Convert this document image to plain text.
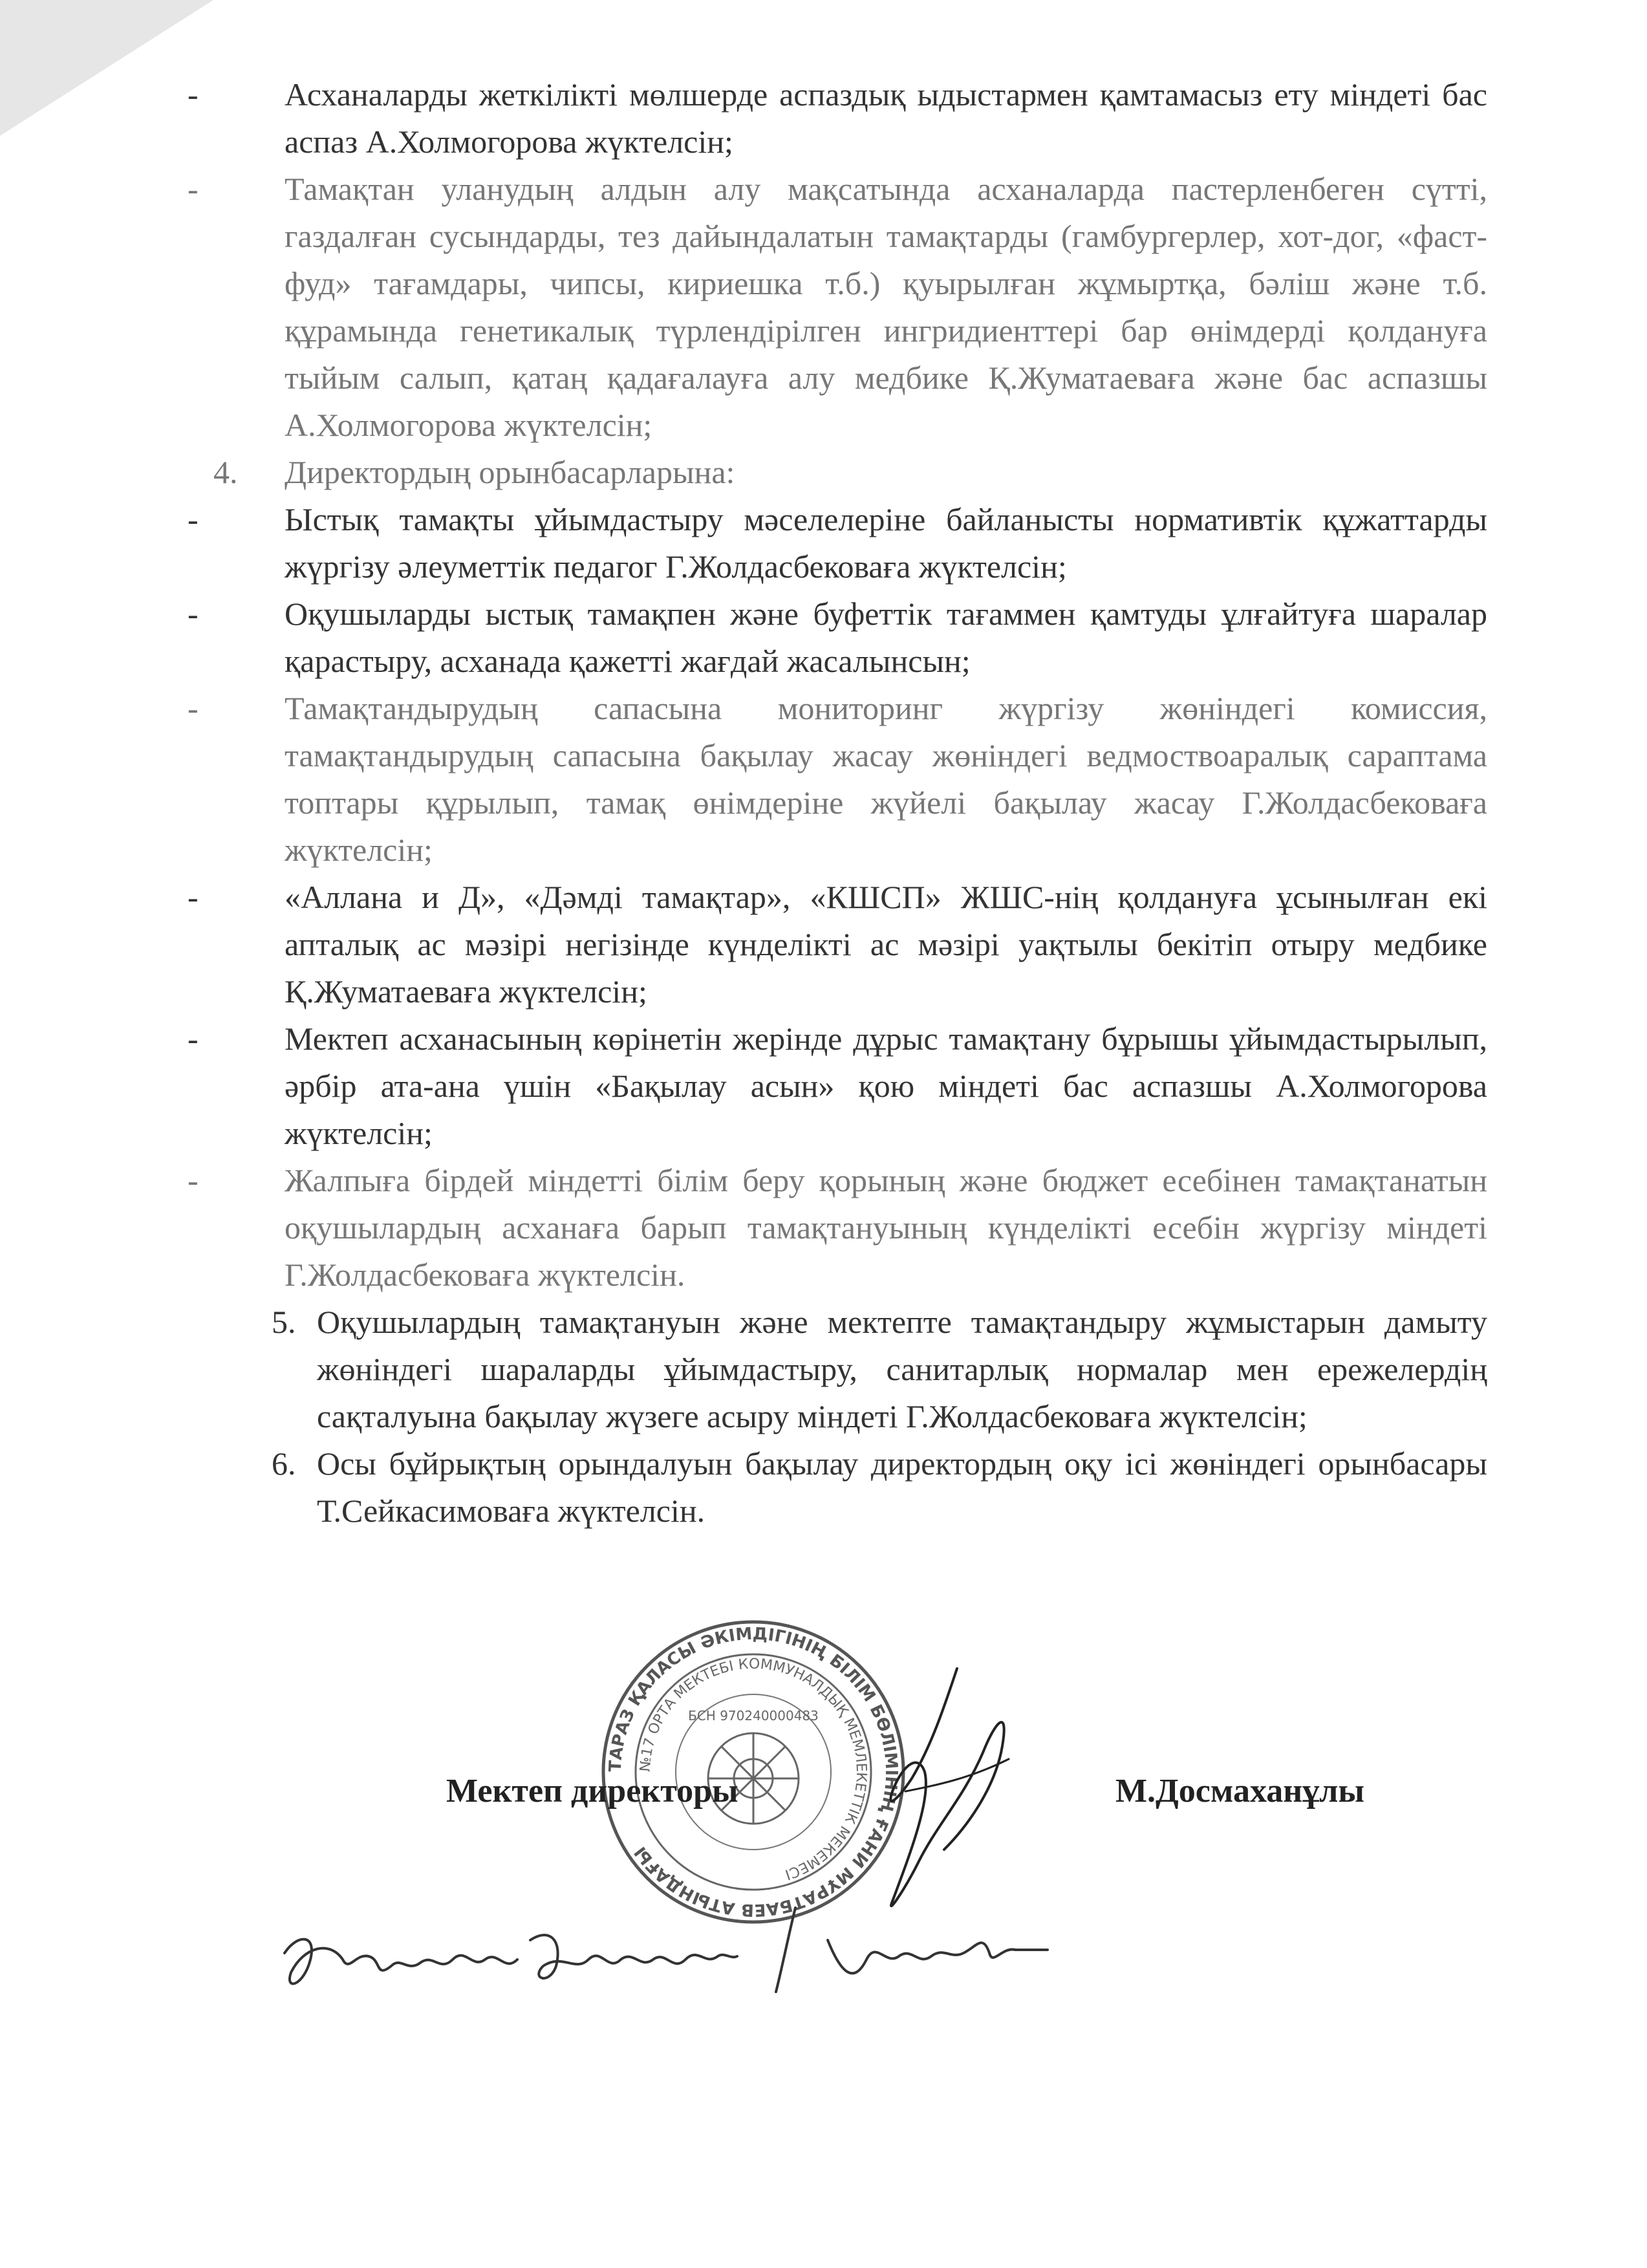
-	Асханаларды жеткілікті мөлшерде аспаздық ыдыстармен қамтамасыз ету міндеті бас аспаз А.Холмогорова жүктелсін;

-	Тамақтан уланудың алдын алу мақсатында асханаларда пастерленбеген сүтті, газдалған сусындарды, тез дайындалатын тамақтарды (гамбургерлер, хот-дог, «фаст-фуд» тағамдары, чипсы, кириешка т.б.) қуырылған жұмыртқа, бәліш және т.б. құрамында генетикалық түрлендірілген ингридиенттері бар өнімдерді қолдануға тыйым салып, қатаң қадағалауға алу медбике Қ.Жуматаеваға және бас аспазшы А.Холмогорова жүктелсін;

4. Директордың орынбасарларына:

-	Ыстық тамақты ұйымдастыру мәселелеріне байланысты нормативтік құжаттарды жүргізу әлеуметтік педагог Г.Жолдасбековаға жүктелсін;

-	Оқушыларды ыстық тамақпен және буфеттік тағаммен қамтуды ұлғайтуға шаралар қарастыру, асханада қажетті жағдай жасалынсын;

-	Тамақтандырудың сапасына мониторинг жүргізу жөніндегі комиссия, тамақтандырудың сапасына бақылау жасау жөніндегі ведмоствоаралық сараптама топтары құрылып, тамақ өнімдеріне жүйелі бақылау жасау Г.Жолдасбековаға жүктелсін;

-	«Аллана и Д», «Дәмді тамақтар», «КШСП» ЖШС-нің қолдануға ұсынылған екі апталық ас мәзірі негізінде күнделікті ас мәзірі уақтылы бекітіп отыру медбике Қ.Жуматаеваға жүктелсін;

-	Мектеп асханасының көрінетін жерінде дұрыс тамақтану бұрышы ұйымдастырылып, әрбір ата-ана үшін «Бақылау асын» қою міндеті бас аспазшы А.Холмогорова жүктелсін;

-	Жалпыға бірдей міндетті білім беру қорының және бюджет есебінен тамақтанатын оқушылардың асханаға барып тамақтануының күнделікті есебін жүргізу міндеті Г.Жолдасбековаға жүктелсін.

5. Оқушылардың тамақтануын және мектепте тамақтандыру жұмыстарын дамыту жөніндегі шараларды ұйымдастыру, санитарлық нормалар мен ережелердің сақталуына бақылау жүзеге асыру міндеті Г.Жолдасбековаға жүктелсін;

6. Осы бұйрықтың орындалуын бақылау директордың оқу ісі жөніндегі орынбасары Т.Сейкасимоваға жүктелсін.

ТАРАЗ ҚАЛАСЫ ӘКІМДІГІНІҢ БІЛІМ БӨЛІМІНІҢ ҒАНИ МҰРАТБАЕВ АТЫНДАҒЫ
№17 ОРТА МЕКТЕБІ КОММУНАЛДЫҚ МЕМЛЕКЕТТІК МЕКЕМЕСІ
БСН 970240000483
Мектеп директоры	М.Досмаханұлы
